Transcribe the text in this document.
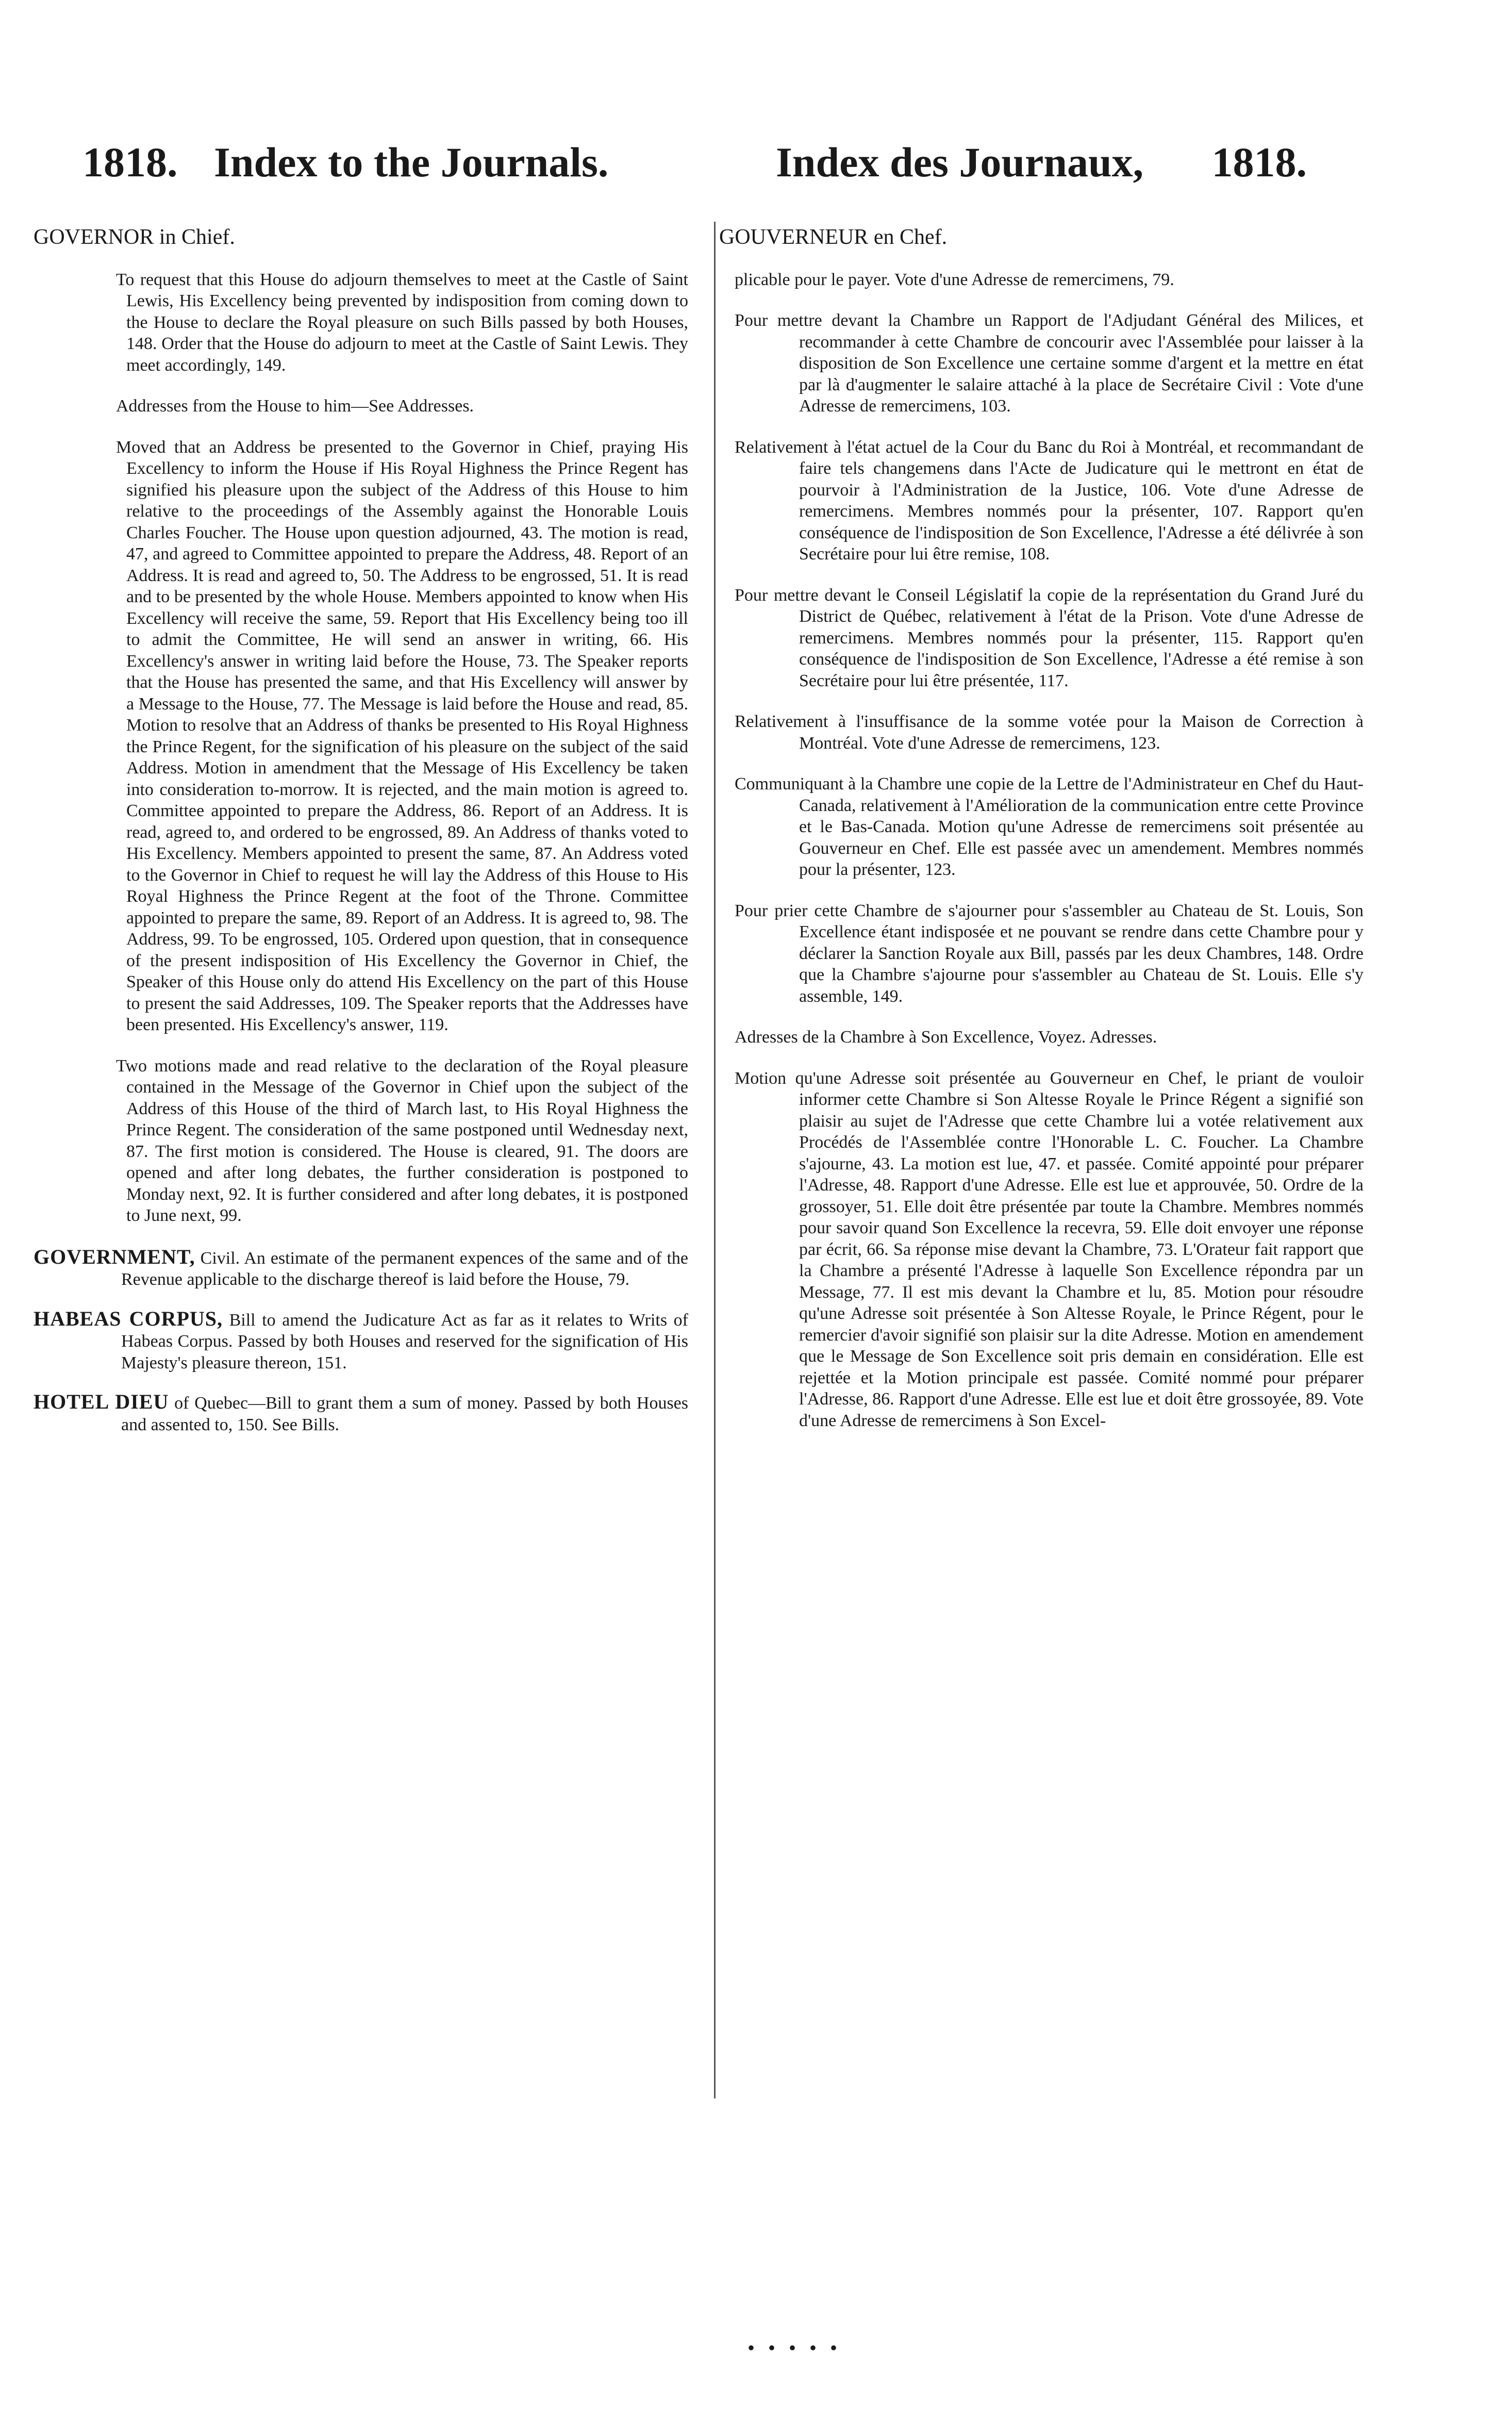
1818. Index to the Journals.	Index des Journaux, 1818.
GOVERNOR in Chief.

To request that this House do adjourn themselves to meet at the Castle of Saint Lewis, His Excellency being prevented by indisposition from coming down to the House to declare the Royal pleasure on such Bills passed by both Houses, 148. Order that the House do adjourn to meet at the Castle of Saint Lewis. They meet accordingly, 149.

Addresses from the House to him—See Addresses.

Moved that an Address be presented to the Governor in Chief, praying His Excellency to inform the House if His Royal Highness the Prince Regent has signified his pleasure upon the subject of the Address of this House to him relative to the proceedings of the Assembly against the Honorable Louis Charles Foucher. The House upon question adjourned, 43. The motion is read, 47, and agreed to Committee appointed to prepare the Address, 48. Report of an Address. It is read and agreed to, 50. The Address to be engrossed, 51. It is read and to be presented by the whole House. Members appointed to know when His Excellency will receive the same, 59. Report that His Excellency being too ill to admit the Committee, He will send an answer in writing, 66. His Excellency's answer in writing laid before the House, 73. The Speaker reports that the House has presented the same, and that His Excellency will answer by a Message to the House, 77. The Message is laid before the House and read, 85. Motion to resolve that an Address of thanks be presented to His Royal Highness the Prince Regent, for the signification of his pleasure on the subject of the said Address. Motion in amendment that the Message of His Excellency be taken into consideration to-morrow. It is rejected, and the main motion is agreed to. Committee appointed to prepare the Address, 86. Report of an Address. It is read, agreed to, and ordered to be engrossed, 89. An Address of thanks voted to His Excellency. Members appointed to present the same, 87. An Address voted to the Governor in Chief to request he will lay the Address of this House to His Royal Highness the Prince Regent at the foot of the Throne. Committee appointed to prepare the same, 89. Report of an Address. It is agreed to, 98. The Address, 99. To be engrossed, 105. Ordered upon question, that in consequence of the present indisposition of His Excellency the Governor in Chief, the Speaker of this House only do attend His Excellency on the part of this House to present the said Addresses, 109. The Speaker reports that the Addresses have been presented. His Excellency's answer, 119.

Two motions made and read relative to the declaration of the Royal pleasure contained in the Message of the Governor in Chief upon the subject of the Address of this House of the third of March last, to His Royal Highness the Prince Regent. The consideration of the same postponed until Wednesday next, 87. The first motion is considered. The House is cleared, 91. The doors are opened and after long debates, the further consideration is postponed to Monday next, 92. It is further considered and after long debates, it is postponed to June next, 99.

GOVERNMENT, Civil. An estimate of the permanent expences of the same and of the Revenue applicable to the discharge thereof is laid before the House, 79.

HABEAS CORPUS, Bill to amend the Judicature Act as far as it relates to Writs of Habeas Corpus. Passed by both Houses and reserved for the signification of His Majesty's pleasure thereon, 151.

HOTEL DIEU of Quebec—Bill to grant them a sum of money. Passed by both Houses and assented to, 150. See Bills.

GOUVERNEUR en Chef.

plicable pour le payer. Vote d'une Adresse de remercimens, 79.

Pour mettre devant la Chambre un Rapport de l'Adjudant Général des Milices, et recommander à cette Chambre de concourir avec l'Assemblée pour laisser à la disposition de Son Excellence une certaine somme d'argent et la mettre en état par là d'augmenter le salaire attaché à la place de Secrétaire Civil : Vote d'une Adresse de remercimens, 103.

Relativement à l'état actuel de la Cour du Banc du Roi à Montréal, et recommandant de faire tels changemens dans l'Acte de Judicature qui le mettront en état de pourvoir à l'Administration de la Justice, 106. Vote d'une Adresse de remercimens. Membres nommés pour la présenter, 107. Rapport qu'en conséquence de l'indisposition de Son Excellence, l'Adresse a été délivrée à son Secrétaire pour lui être remise, 108.

Pour mettre devant le Conseil Législatif la copie de la représentation du Grand Juré du District de Québec, relativement à l'état de la Prison. Vote d'une Adresse de remercimens. Membres nommés pour la présenter, 115. Rapport qu'en conséquence de l'indisposition de Son Excellence, l'Adresse a été remise à son Secrétaire pour lui être présentée, 117.

Relativement à l'insuffisance de la somme votée pour la Maison de Correction à Montréal. Vote d'une Adresse de remercimens, 123.

Communiquant à la Chambre une copie de la Lettre de l'Administrateur en Chef du Haut-Canada, relativement à l'Amélioration de la communication entre cette Province et le Bas-Canada. Motion qu'une Adresse de remercimens soit présentée au Gouverneur en Chef. Elle est passée avec un amendement. Membres nommés pour la présenter, 123.

Pour prier cette Chambre de s'ajourner pour s'assembler au Chateau de St. Louis, Son Excellence étant indisposée et ne pouvant se rendre dans cette Chambre pour y déclarer la Sanction Royale aux Bill, passés par les deux Chambres, 148. Ordre que la Chambre s'ajourne pour s'assembler au Chateau de St. Louis. Elle s'y assemble, 149.

Adresses de la Chambre à Son Excellence, Voyez. Adresses.

Motion qu'une Adresse soit présentée au Gouverneur en Chef, le priant de vouloir informer cette Chambre si Son Altesse Royale le Prince Régent a signifié son plaisir au sujet de l'Adresse que cette Chambre lui a votée relativement aux Procédés de l'Assemblée contre l'Honorable L. C. Foucher. La Chambre s'ajourne, 43. La motion est lue, 47. et passée. Comité appointé pour préparer l'Adresse, 48. Rapport d'une Adresse. Elle est lue et approuvée, 50. Ordre de la grossoyer, 51. Elle doit être présentée par toute la Chambre. Membres nommés pour savoir quand Son Excellence la recevra, 59. Elle doit envoyer une réponse par écrit, 66. Sa réponse mise devant la Chambre, 73. L'Orateur fait rapport que la Chambre a présenté l'Adresse à laquelle Son Excellence répondra par un Message, 77. Il est mis devant la Chambre et lu, 85. Motion pour résoudre qu'une Adresse soit présentée à Son Altesse Royale, le Prince Régent, pour le remercier d'avoir signifié son plaisir sur la dite Adresse. Motion en amendement que le Message de Son Excellence soit pris demain en considération. Elle est rejettée et la Motion principale est passée. Comité nommé pour préparer l'Adresse, 86. Rapport d'une Adresse. Elle est lue et doit être grossoyée, 89. Vote d'une Adresse de remercimens à Son Excel-

• • • • •
